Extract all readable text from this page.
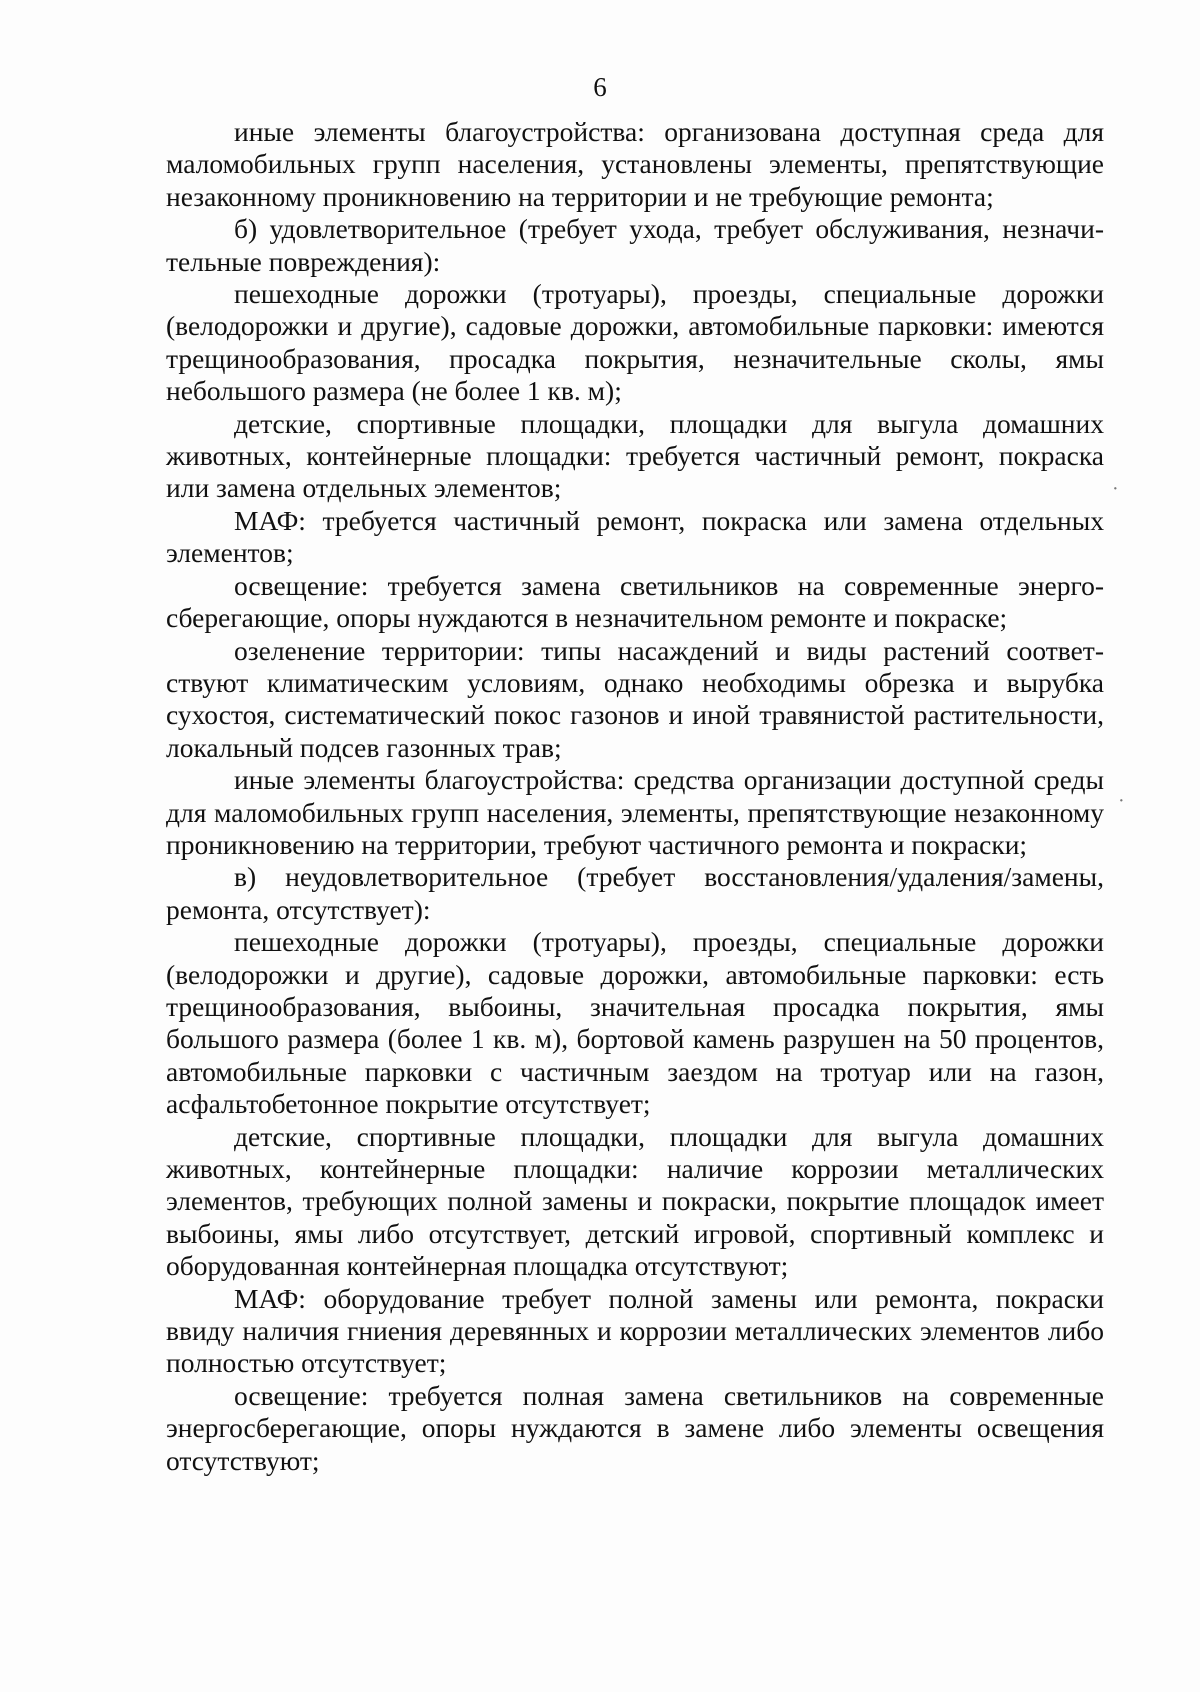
6

иные элементы благоустройства: организована доступная среда для маломобильных групп населения, установлены элементы, препятствующие незаконному проникновению на территории и не требующие ремонта;

б) удовлетворительное (требует ухода, требует обслуживания, незначительные повреждения):

пешеходные дорожки (тротуары), проезды, специальные дорожки (велодорожки и другие), садовые дорожки, автомобильные парковки: имеются трещинообразования, просадка покрытия, незначительные сколы, ямы небольшого размера (не более 1 кв. м);

детские, спортивные площадки, площадки для выгула домашних животных, контейнерные площадки: требуется частичный ремонт, покраска или замена отдельных элементов;

МАФ: требуется частичный ремонт, покраска или замена отдельных элементов;

освещение: требуется замена светильников на современные энергосберегающие, опоры нуждаются в незначительном ремонте и покраске;

озеленение территории: типы насаждений и виды растений соответствуют климатическим условиям, однако необходимы обрезка и вырубка сухостоя, систематический покос газонов и иной травянистой растительности, локальный подсев газонных трав;

иные элементы благоустройства: средства организации доступной среды для маломобильных групп населения, элементы, препятствующие незаконному проникновению на территории, требуют частичного ремонта и покраски;

в) неудовлетворительное (требует восстановления/удаления/замены, ремонта, отсутствует):

пешеходные дорожки (тротуары), проезды, специальные дорожки (велодорожки и другие), садовые дорожки, автомобильные парковки: есть трещинообразования, выбоины, значительная просадка покрытия, ямы большого размера (более 1 кв. м), бортовой камень разрушен на 50 процентов, автомобильные парковки с частичным заездом на тротуар или на газон, асфальтобетонное покрытие отсутствует;

детские, спортивные площадки, площадки для выгула домашних животных, контейнерные площадки: наличие коррозии металлических элементов, требующих полной замены и покраски, покрытие площадок имеет выбоины, ямы либо отсутствует, детский игровой, спортивный комплекс и оборудованная контейнерная площадка отсутствуют;

МАФ: оборудование требует полной замены или ремонта, покраски ввиду наличия гниения деревянных и коррозии металлических элементов либо полностью отсутствует;

освещение: требуется полная замена светильников на современные энергосберегающие, опоры нуждаются в замене либо элементы освещения отсутствуют;

·
·
